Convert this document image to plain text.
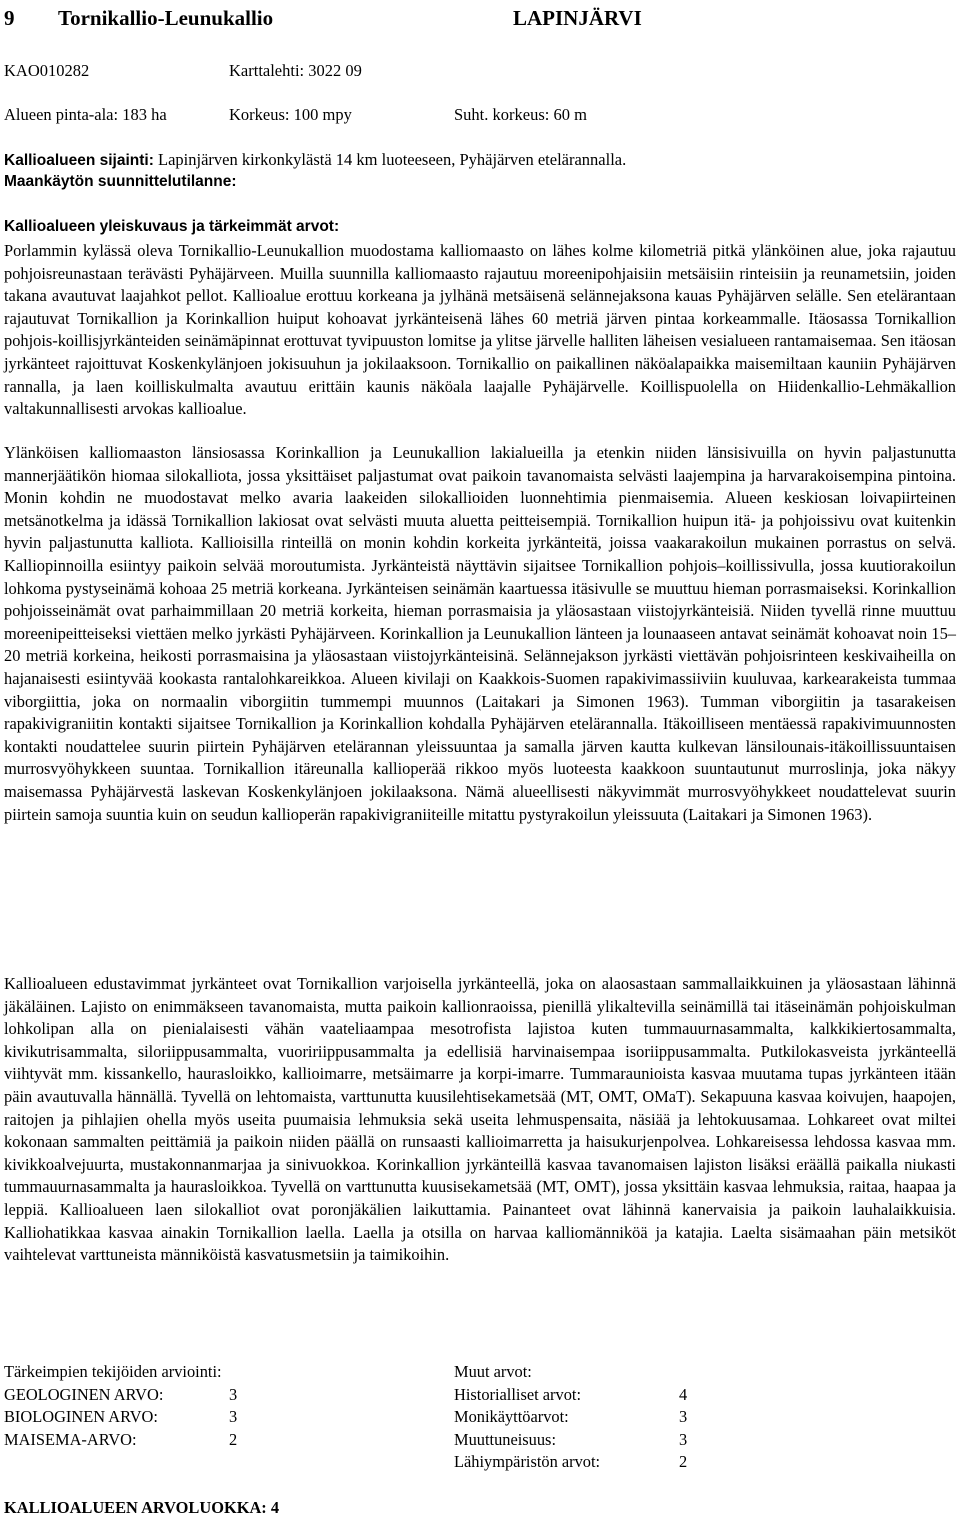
9 Tornikallio-Leunukallio	LAPINJÄRVI
KAO010282	Karttalehti: 3022 09
Alueen pinta-ala: 183 ha	Korkeus: 100 mpy	Suht. korkeus: 60 m
Kallioalueen sijainti: Lapinjärven kirkonkylästä 14 km luoteeseen, Pyhäjärven etelärannalla.
Maankäytön suunnittelutilanne:
Kallioalueen yleiskuvaus ja tärkeimmät arvot:
Porlammin kylässä oleva Tornikallio-Leunukallion muodostama kalliomaasto on lähes kolme kilometriä pitkä ylänköinen alue, joka rajautuu pohjoisreunastaan terävästi Pyhäjärveen. Muilla suunnilla kalliomaasto rajautuu moreenipohjaisiin metsäisiin rinteisiin ja reunametsiin, joiden takana avautuvat laajahkot pellot. Kallioalue erottuu korkeana ja jylhänä metsäisenä selännejaksona kauas Pyhäjärven selälle. Sen etelärantaan rajautuvat Tornikallion ja Korinkallion huiput kohoavat jyrkänteisenä lähes 60 metriä järven pintaa korkeammalle. Itäosassa Tornikallion pohjois-koillisjyrkänteiden seinämäpinnat erottuvat tyvipuuston lomitse ja ylitse järvelle halliten läheisen vesialueen rantamaisemaa. Sen itäosan jyrkänteet rajoittuvat Koskenkylänjoen jokisuuhun ja jokilaaksoon. Tornikallio on paikallinen näköalapaikka maisemiltaan kauniin Pyhäjärven rannalla, ja laen koilliskulmalta avautuu erittäin kaunis näköala laajalle Pyhäjärvelle. Koillispuolella on Hiidenkallio-Lehmäkallion valtakunnallisesti arvokas kallioalue.
Ylänköisen kalliomaaston länsiosassa Korinkallion ja Leunukallion lakialueilla ja etenkin niiden länsisivuilla on hyvin paljastunutta mannerjäätikön hiomaa silokalliota, jossa yksittäiset paljastumat ovat paikoin tavanomaista selvästi laajempina ja harvarakoisempina pintoina. Monin kohdin ne muodostavat melko avaria laakeiden silokallioiden luonnehtimia pienmaisemia. Alueen keskiosan loivapiirteinen metsänotkelma ja idässä Tornikallion lakiosat ovat selvästi muuta aluetta peitteisempiä. Tornikallion huipun itä- ja pohjoissivu ovat kuitenkin hyvin paljastunutta kalliota. Kallioisilla rinteillä on monin kohdin korkeita jyrkänteitä, joissa vaakarakoilun mukainen porrastus on selvä. Kalliopinnoilla esiintyy paikoin selvää moroutumista. Jyrkänteistä näyttävin sijaitsee Tornikallion pohjois–koillissivulla, jossa kuutiorakoilun lohkoma pystyseinämä kohoaa 25 metriä korkeana. Jyrkänteisen seinämän kaartuessa itäsivulle se muuttuu hieman porrasmaiseksi. Korinkallion pohjoisseinämät ovat parhaimmillaan 20 metriä korkeita, hieman porrasmaisia ja yläosastaan viistojyrkänteisiä. Niiden tyvellä rinne muuttuu moreenipeitteiseksi viettäen melko jyrkästi Pyhäjärveen. Korinkallion ja Leunukallion länteen ja lounaaseen antavat seinämät kohoavat noin 15–20 metriä korkeina, heikosti porrasmaisina ja yläosastaan viistojyrkänteisinä. Selännejakson jyrkästi viettävän pohjoisrinteen keskivaiheilla on hajanaisesti esiintyvää kookasta rantalohkareikkoa. Alueen kivilaji on Kaakkois-Suomen rapakivimassiiviin kuuluvaa, karkearakeista tummaa viborgiittia, joka on normaalin viborgiitin tummempi muunnos (Laitakari ja Simonen 1963). Tumman viborgiitin ja tasarakeisen rapakivigraniitin kontakti sijaitsee Tornikallion ja Korinkallion kohdalla Pyhäjärven etelärannalla. Itäkoilliseen mentäessä rapakivimuunnosten kontakti noudattelee suurin piirtein Pyhäjärven etelärannan yleissuuntaa ja samalla järven kautta kulkevan länsilounais-itäkoillissuuntaisen murrosvyöhykkeen suuntaa. Tornikallion itäreunalla kallioperää rikkoo myös luoteesta kaakkoon suuntautunut murroslinja, joka näkyy maisemassa Pyhäjärvestä laskevan Koskenkylänjoen jokilaaksona. Nämä alueellisesti näkyvimmät murrosvyöhykkeet noudattelevat suurin piirtein samoja suuntia kuin on seudun kallioperän rapakivigraniiteille mitattu pystyrakoilun yleissuuta (Laitakari ja Simonen 1963).
Kallioalueen edustavimmat jyrkänteet ovat Tornikallion varjoisella jyrkänteellä, joka on alaosastaan sammallaikkuinen ja yläosastaan lähinnä jäkäläinen. Lajisto on enimmäkseen tavanomaista, mutta paikoin kallionraoissa, pienillä ylikaltevilla seinämillä tai itäseinämän pohjoiskulman lohkolipan alla on pienialaisesti vähän vaateliaampaa mesotrofista lajistoa kuten tummauurnasammalta, kalkkikiertosammalta, kivikutrisammalta, siloriippusammalta, vuoririippusammalta ja edellisiä harvinaisempaa isoriippusammalta. Putkilokasveista jyrkänteellä viihtyvät mm. kissankello, haurasloikko, kallioimarre, metsäimarre ja korpi-imarre. Tummaraunioista kasvaa muutama tupas jyrkänteen itään päin avautuvalla hännällä. Tyvellä on lehtomaista, varttunutta kuusilehtisekametsää (MT, OMT, OMaT). Sekapuuna kasvaa koivujen, haapojen, raitojen ja pihlajien ohella myös useita puumaisia lehmuksia sekä useita lehmuspensaita, näsiää ja lehtokuusamaa. Lohkareet ovat miltei kokonaan sammalten peittämiä ja paikoin niiden päällä on runsaasti kallioimarretta ja haisukurjenpolvea. Lohkareisessa lehdossa kasvaa mm. kivikkoalvejuurta, mustakonnanmarjaa ja sinivuokkoa. Korinkallion jyrkänteillä kasvaa tavanomaisen lajiston lisäksi eräällä paikalla niukasti tummauurnasammalta ja haurasloikkoa. Tyvellä on varttunutta kuusisekametsää (MT, OMT), jossa yksittäin kasvaa lehmuksia, raitaa, haapaa ja leppiä. Kallioalueen laen silokalliot ovat poronjäkälien laikuttamia. Painanteet ovat lähinnä kanervaisia ja paikoin lauhalaikkuisia. Kalliohatikkaa kasvaa ainakin Tornikallion laella. Laella ja otsilla on harvaa kalliomänniköä ja katajia. Laelta sisämaahan päin metsiköt vaihtelevat varttuneista männiköistä kasvatusmetsiin ja taimikoihin.
Tärkeimpien tekijöiden arviointi:	Muut arvot:
GEOLOGINEN ARVO:	3
BIOLOGINEN ARVO:	3
MAISEMA-ARVO:	2
Historialliset arvot:	4
Monikäyttöarvot:	3
Muuttuneisuus:	3
Lähiympäristön arvot:	2
KALLIOALUEEN ARVOLUOKKA: 4
